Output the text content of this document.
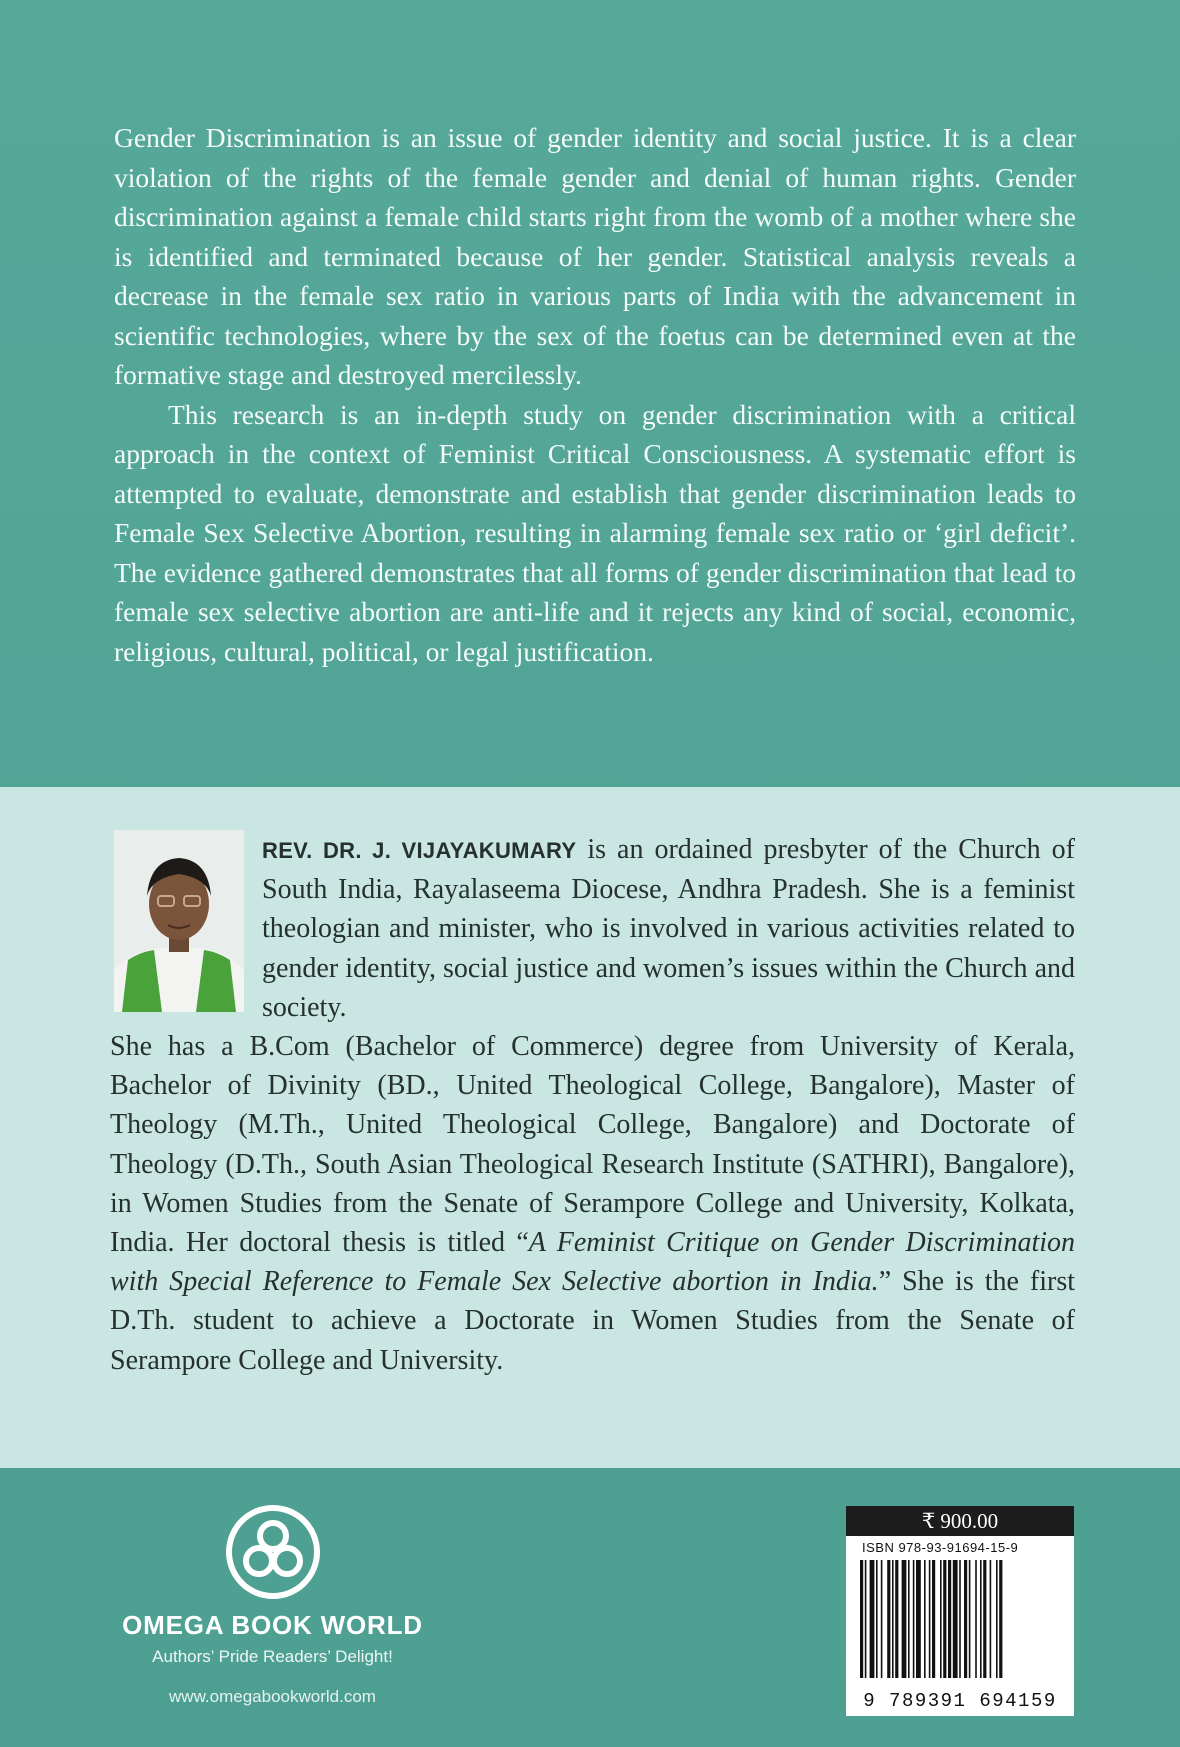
Gender Discrimination is an issue of gender identity and social justice. It is a clear violation of the rights of the female gender and denial of human rights. Gender discrimination against a female child starts right from the womb of a mother where she is identified and terminated because of her gender. Statistical analysis reveals a decrease in the female sex ratio in various parts of India with the advancement in scientific technologies, where by the sex of the foetus can be determined even at the formative stage and destroyed mercilessly.

This research is an in-depth study on gender discrimination with a critical approach in the context of Feminist Critical Consciousness. A systematic effort is attempted to evaluate, demonstrate and establish that gender discrimination leads to Female Sex Selective Abortion, resulting in alarming female sex ratio or ‘girl deficit’. The evidence gathered demonstrates that all forms of gender discrimination that lead to female sex selective abortion are anti-life and it rejects any kind of social, economic, religious, cultural, political, or legal justification.

REV. DR. J. VIJAYAKUMARY is an ordained presbyter of the Church of South India, Rayalaseema Diocese, Andhra Pradesh. She is a feminist theologian and minister, who is involved in various activities related to gender identity, social justice and women’s issues within the Church and society.

She has a B.Com (Bachelor of Commerce) degree from University of Kerala, Bachelor of Divinity (BD., United Theological College, Bangalore), Master of Theology (M.Th., United Theological College, Bangalore) and Doctorate of Theology (D.Th., South Asian Theological Research Institute (SATHRI), Bangalore), in Women Studies from the Senate of Serampore College and University, Kolkata, India. Her doctoral thesis is titled “A Feminist Critique on Gender Discrimination with Special Reference to Female Sex Selective abortion in India.” She is the first D.Th. student to achieve a Doctorate in Women Studies from the Senate of Serampore College and University.

OMEGA BOOK WORLD
Authors’ Pride Readers’ Delight!
www.omegabookworld.com
₹ 900.00
ISBN 978-93-91694-15-9
9 789391 694159
